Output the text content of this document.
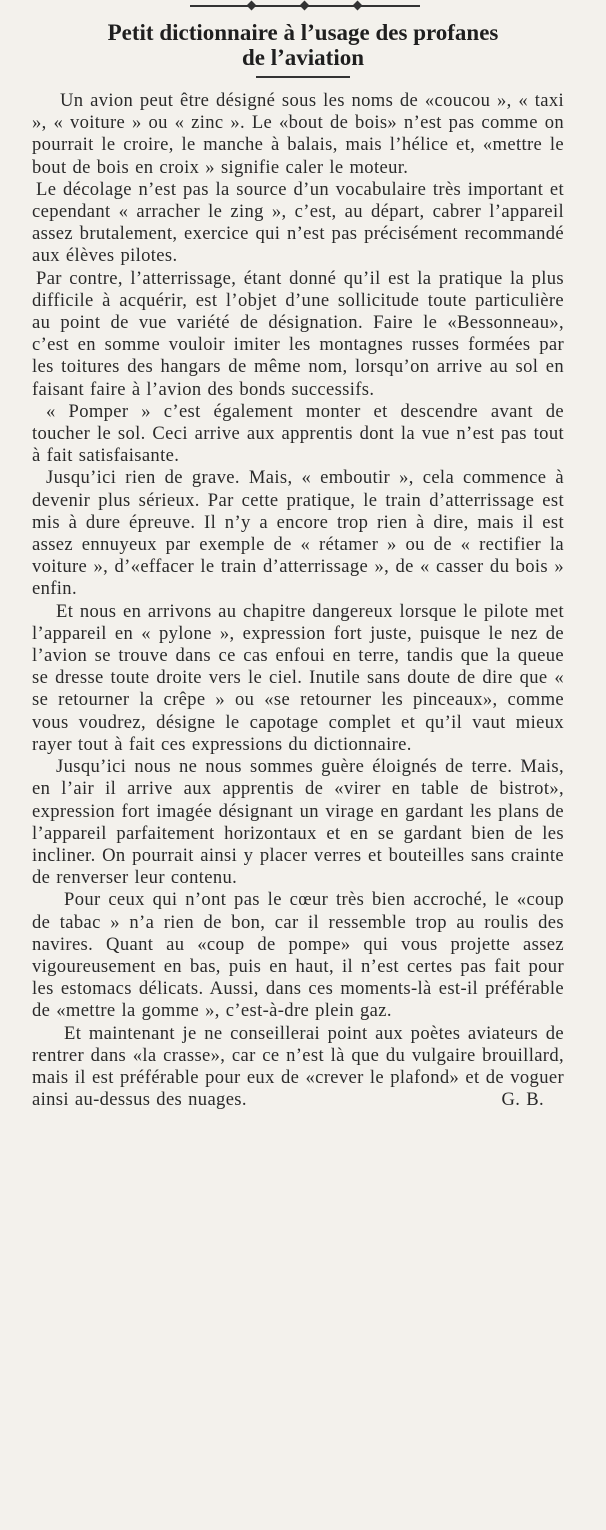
Petit dictionnaire à l’usage des profanes
de l’aviation

Un avion peut être désigné sous les noms de «coucou », « taxi », « voiture » ou « zinc ». Le «bout de bois» n’est pas comme on pourrait le croire, le manche à balais, mais l’hélice et, «mettre le bout de bois en croix » signifie caler le moteur.

Le décolage n’est pas la source d’un vocabulaire très important et cependant « arracher le zing », c’est, au départ, cabrer l’appareil assez brutalement, exercice qui n’est pas précisément recommandé aux élèves pilotes.

Par contre, l’atterrissage, étant donné qu’il est la pratique la plus difficile à acquérir, est l’objet d’une sollicitude toute particulière au point de vue variété de désignation. Faire le «Bessonneau», c’est en somme vouloir imiter les montagnes russes formées par les toitures des hangars de même nom, lorsqu’on arrive au sol en faisant faire à l’avion des bonds successifs.

« Pomper » c’est également monter et descendre avant de toucher le sol. Ceci arrive aux apprentis dont la vue n’est pas tout à fait satisfaisante.

Jusqu’ici rien de grave. Mais, « emboutir », cela commence à devenir plus sérieux. Par cette pratique, le train d’atterrissage est mis à dure épreuve. Il n’y a encore trop rien à dire, mais il est assez ennuyeux par exemple de « rétamer » ou de « rectifier la voiture », d’«effacer le train d’atterrissage », de « casser du bois » enfin.

Et nous en arrivons au chapitre dangereux lorsque le pilote met l’appareil en « pylone », expression fort juste, puisque le nez de l’avion se trouve dans ce cas enfoui en terre, tandis que la queue se dresse toute droite vers le ciel. Inutile sans doute de dire que « se retourner la crêpe » ou «se retourner les pinceaux», comme vous voudrez, désigne le capotage complet et qu’il vaut mieux rayer tout à fait ces expressions du dictionnaire.

Jusqu’ici nous ne nous sommes guère éloignés de terre. Mais, en l’air il arrive aux apprentis de «virer en table de bistrot», expression fort imagée désignant un virage en gardant les plans de l’appareil parfaitement horizontaux et en se gardant bien de les incliner. On pourrait ainsi y placer verres et bouteilles sans crainte de renverser leur contenu.

Pour ceux qui n’ont pas le cœur très bien accroché, le «coup de tabac » n’a rien de bon, car il ressemble trop au roulis des navires. Quant au «coup de pompe» qui vous projette assez vigoureusement en bas, puis en haut, il n’est certes pas fait pour les estomacs délicats. Aussi, dans ces moments-là est-il préférable de «mettre la gomme », c’est-à-dre plein gaz.

Et maintenant je ne conseillerai point aux poètes aviateurs de rentrer dans «la crasse», car ce n’est là que du vulgaire brouillard, mais il est préférable pour eux de «crever le plafond» et de voguer ainsi au-dessus des nuages.	G. B.
